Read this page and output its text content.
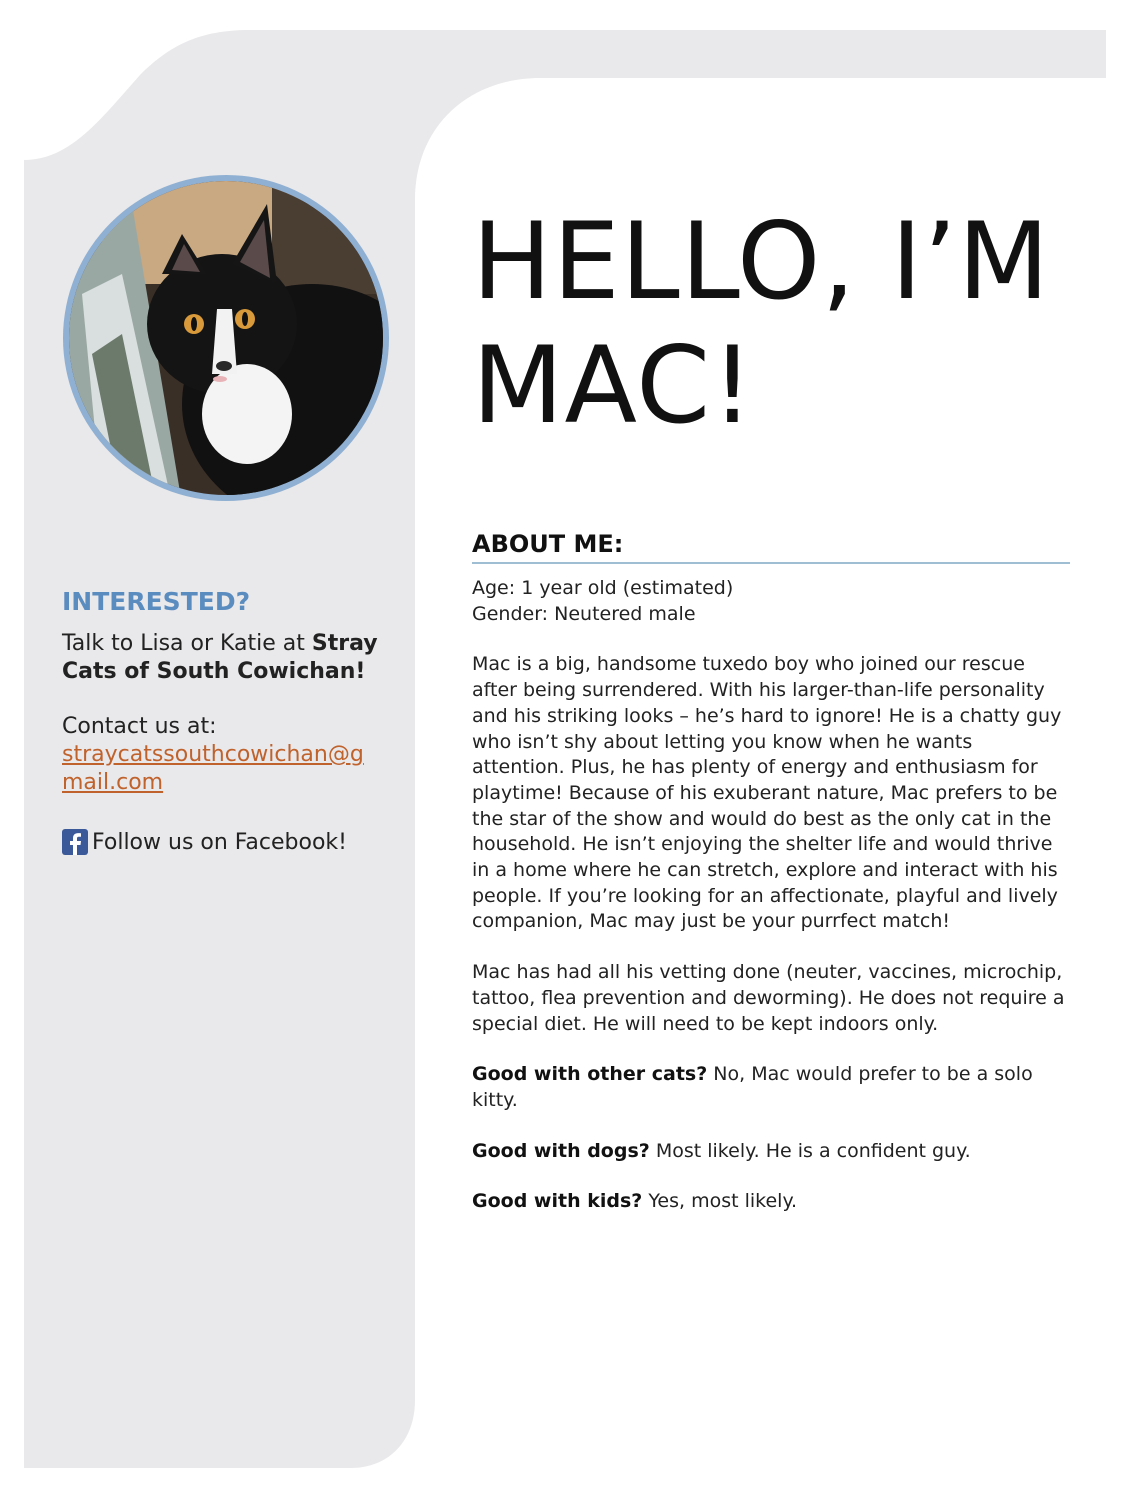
INTERESTED?

Talk to Lisa or Katie at Stray Cats of South Cowichan!

Contact us at:

straycatssouthcowichan@gmail.com
Follow us on Facebook!
HELLO, I’M
MAC!
ABOUT ME:

Age: 1 year old (estimated)

Gender: Neutered male

Mac is a big, handsome tuxedo boy who joined our rescue after being surrendered. With his larger-than-life personality and his striking looks – he’s hard to ignore! He is a chatty guy who isn’t shy about letting you know when he wants attention. Plus, he has plenty of energy and enthusiasm for playtime! Because of his exuberant nature, Mac prefers to be the star of the show and would do best as the only cat in the household. He isn’t enjoying the shelter life and would thrive in a home where he can stretch, explore and interact with his people. If you’re looking for an affectionate, playful and lively companion, Mac may just be your purrfect match!

Mac has had all his vetting done (neuter, vaccines, microchip, tattoo, flea prevention and deworming). He does not require a special diet. He will need to be kept indoors only.

Good with other cats? No, Mac would prefer to be a solo kitty.

Good with dogs? Most likely. He is a confident guy.

Good with kids? Yes, most likely.
